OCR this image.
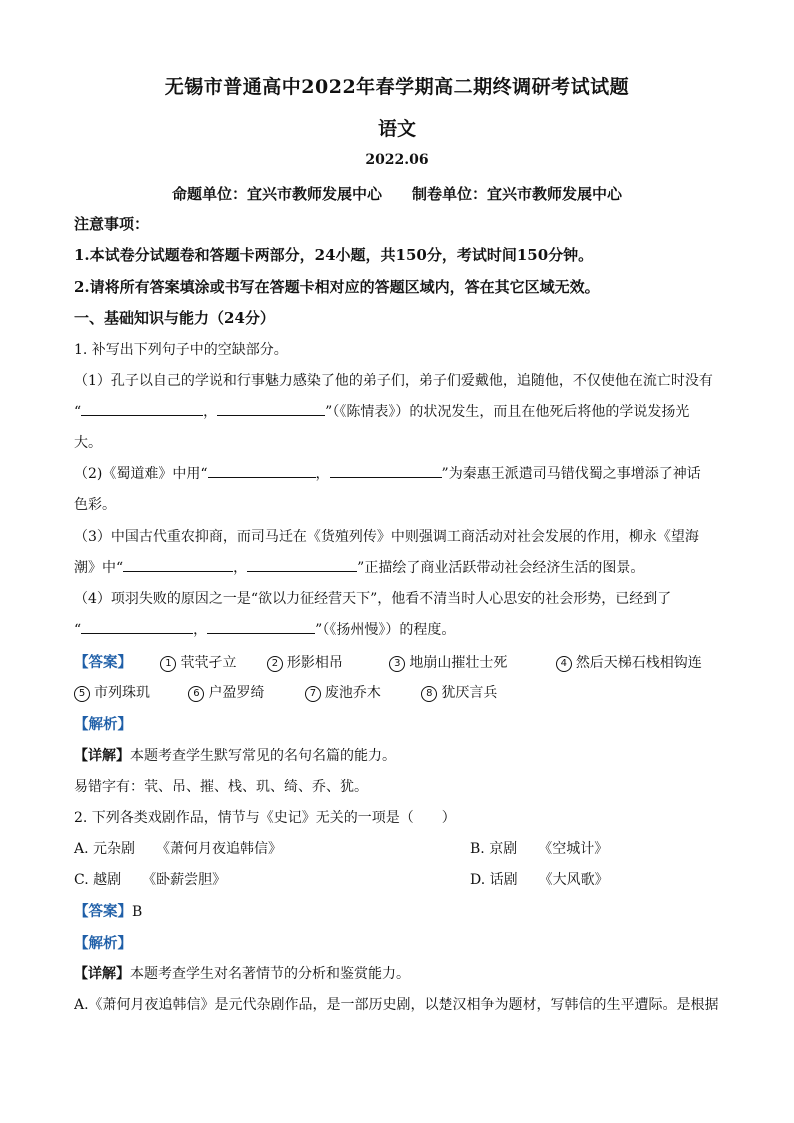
无锡市普通高中2022年春学期高二期终调研考试试题
语文
2022.06
命题单位：宜兴市教师发展中心　　制卷单位：宜兴市教师发展中心
注意事项：
1.本试卷分试题卷和答题卡两部分，24小题，共150分，考试时间150分钟。
2.请将所有答案填涂或书写在答题卡相对应的答题区域内，答在其它区域无效。
一、基础知识与能力（24分）
1. 补写出下列句子中的空缺部分。
（1）孔子以自己的学说和行事魅力感染了他的弟子们，弟子们爱戴他，追随他，不仅使他在流亡时没有
“	，	”（《陈情表》）的状况发生，而且在他死后将他的学说发扬光
大。
（2)《蜀道难》中用“	，	”为秦惠王派遣司马错伐蜀之事增添了神话
色彩。
（3）中国古代重农抑商，而司马迁在《货殖列传》中则强调工商活动对社会发展的作用，柳永《望海
潮》中“	，	”正描绘了商业活跃带动社会经济生活的图景。
（4）项羽失败的原因之一是“欲以力征经营天下”，他看不清当时人心思安的社会形势，已经到了
“	，	”（《扬州慢》）的程度。
【答案】	1 茕茕孑立	2 形影相吊	3 地崩山摧壮士死	4 然后天梯石栈相钩连
5 市列珠玑	6 户盈罗绮	7 废池乔木	8 犹厌言兵
【解析】
【详解】本题考查学生默写常见的名句名篇的能力。
易错字有：茕、吊、摧、栈、玑、绮、乔、犹。
2. 下列各类戏剧作品，情节与《史记》无关的一项是（　　）
A. 元杂剧　　《萧何月夜追韩信》	B. 京剧　　《空城计》
C. 越剧　　《卧薪尝胆》	D. 话剧　　《大风歌》
【答案】B
【解析】
【详解】本题考查学生对名著情节的分析和鉴赏能力。
A.《萧何月夜追韩信》是元代杂剧作品，是一部历史剧，以楚汉相争为题材，写韩信的生平遭际。是根据
